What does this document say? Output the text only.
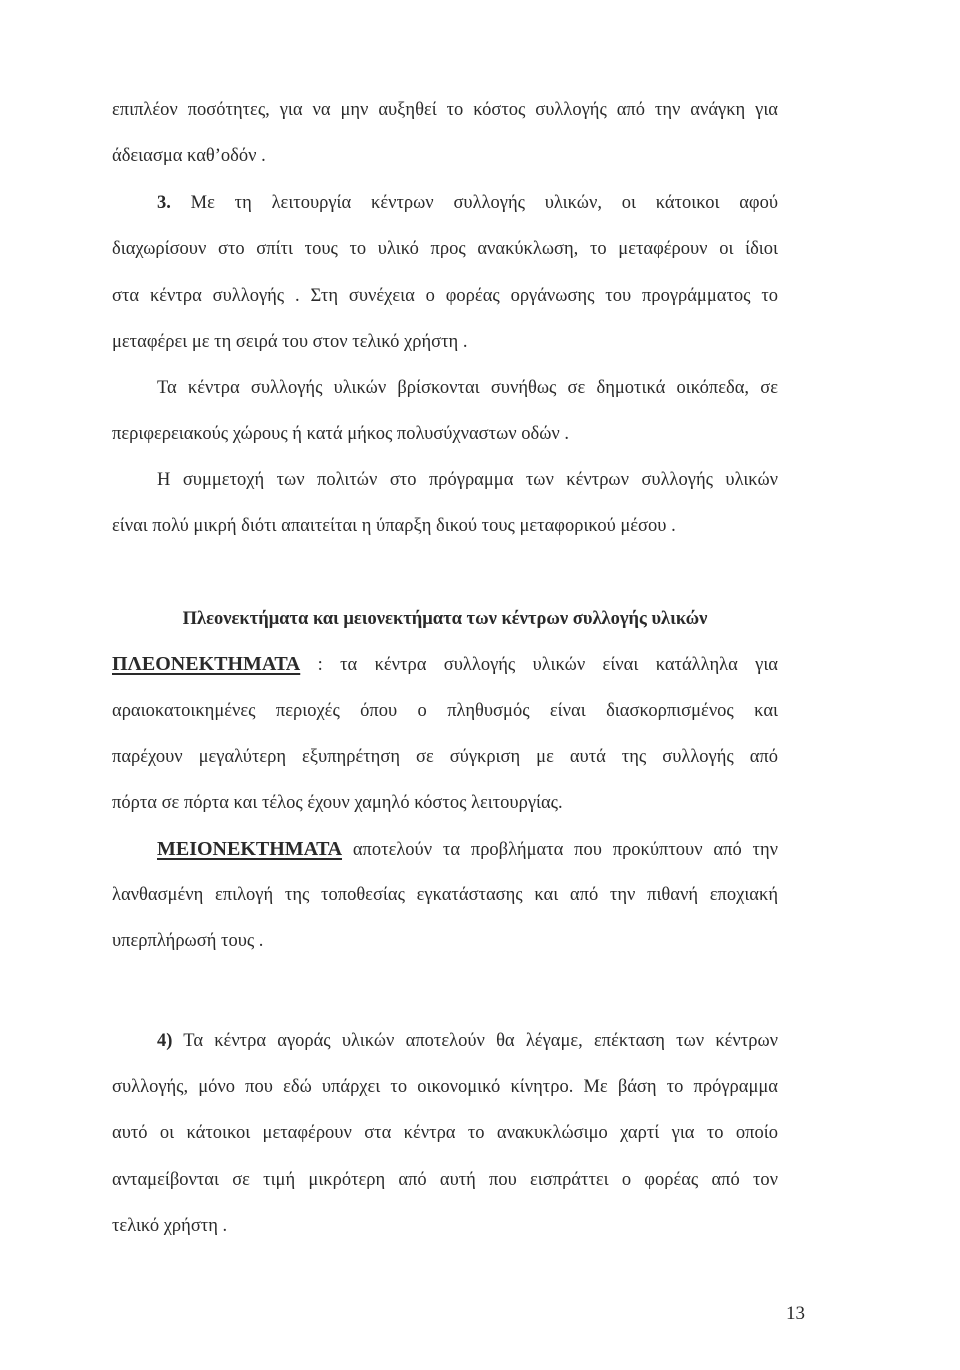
επιπλέον ποσότητες, για να μην αυξηθεί το κόστος συλλογής από την ανάγκη για

άδειασμα καθ’οδόν .

3. Με τη λειτουργία κέντρων συλλογής υλικών, οι κάτοικοι αφού

διαχωρίσουν στο σπίτι τους το υλικό προς ανακύκλωση, το μεταφέρουν οι ίδιοι

στα κέντρα συλλογής . Στη συνέχεια ο φορέας οργάνωσης του προγράμματος το

μεταφέρει με τη σειρά του στον τελικό χρήστη .

Τα κέντρα συλλογής υλικών βρίσκονται συνήθως σε δημοτικά οικόπεδα, σε

περιφερειακούς χώρους ή κατά μήκος πολυσύχναστων οδών .

Η συμμετοχή των πολιτών στο πρόγραμμα των κέντρων συλλογής υλικών

είναι πολύ μικρή διότι απαιτείται η ύπαρξη δικού τους μεταφορικού μέσου .

Πλεονεκτήματα και μειονεκτήματα των κέντρων συλλογής υλικών

ΠΛΕΟΝΕΚΤΗΜΑΤΑ : τα κέντρα συλλογής υλικών είναι κατάλληλα για

αραιοκατοικημένες περιοχές όπου ο πληθυσμός είναι διασκορπισμένος και

παρέχουν μεγαλύτερη εξυπηρέτηση σε σύγκριση με αυτά της συλλογής από

πόρτα σε πόρτα και τέλος έχουν χαμηλό κόστος λειτουργίας.

ΜΕΙΟΝΕΚΤΗΜΑΤΑ αποτελούν τα προβλήματα που προκύπτουν από την

λανθασμένη επιλογή της τοποθεσίας εγκατάστασης και από την πιθανή εποχιακή

υπερπλήρωσή τους .

4) Τα κέντρα αγοράς υλικών αποτελούν θα λέγαμε, επέκταση των κέντρων

συλλογής, μόνο που εδώ υπάρχει το οικονομικό κίνητρο. Με βάση το πρόγραμμα

αυτό οι κάτοικοι μεταφέρουν στα κέντρα το ανακυκλώσιμο χαρτί για το οποίο

ανταμείβονται σε τιμή μικρότερη από αυτή που εισπράττει ο φορέας από τον

τελικό χρήστη .

13
